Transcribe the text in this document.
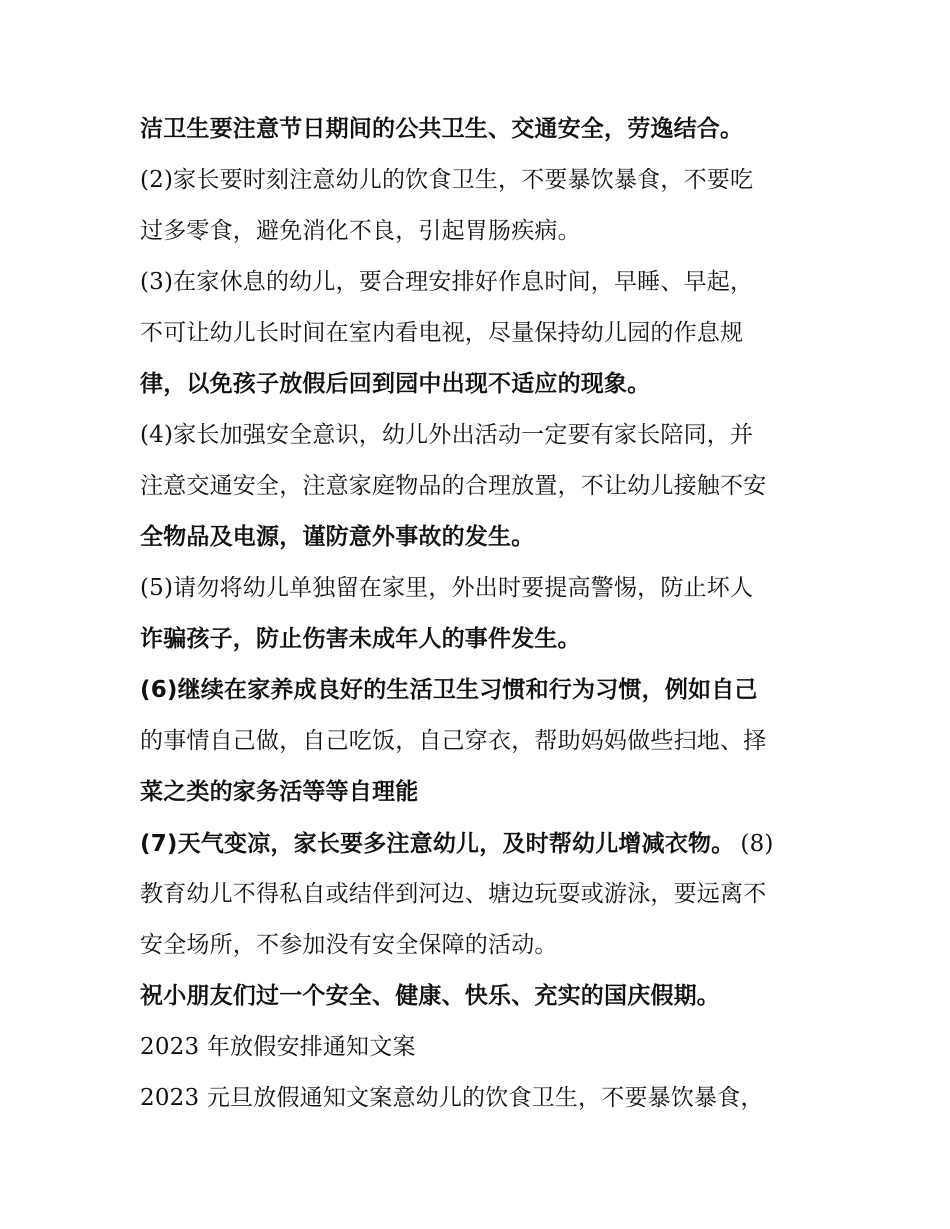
洁卫生要注意节日期间的公共卫生、交通安全，劳逸结合。
(2)家长要时刻注意幼儿的饮食卫生，不要暴饮暴食，不要吃
过多零食，避免消化不良，引起胃肠疾病。
(3)在家休息的幼儿，要合理安排好作息时间，早睡、早起，
不可让幼儿长时间在室内看电视，尽量保持幼儿园的作息规
律，以免孩子放假后回到园中出现不适应的现象。
(4)家长加强安全意识，幼儿外出活动一定要有家长陪同，并
注意交通安全，注意家庭物品的合理放置，不让幼儿接触不安
全物品及电源，谨防意外事故的发生。
(5)请勿将幼儿单独留在家里，外出时要提高警惕，防止坏人
诈骗孩子，防止伤害未成年人的事件发生。
(6)继续在家养成良好的生活卫生习惯和行为习惯，例如自己
的事情自己做，自己吃饭，自己穿衣，帮助妈妈做些扫地、择
菜之类的家务活等等自理能
(7)天气变凉，家长要多注意幼儿，及时帮幼儿增减衣物。 (8)
教育幼儿不得私自或结伴到河边、塘边玩耍或游泳，要远离不
安全场所，不参加没有安全保障的活动。
祝小朋友们过一个安全、健康、快乐、充实的国庆假期。
2023 年放假安排通知文案
2023 元旦放假通知文案意幼儿的饮食卫生，不要暴饮暴食，
